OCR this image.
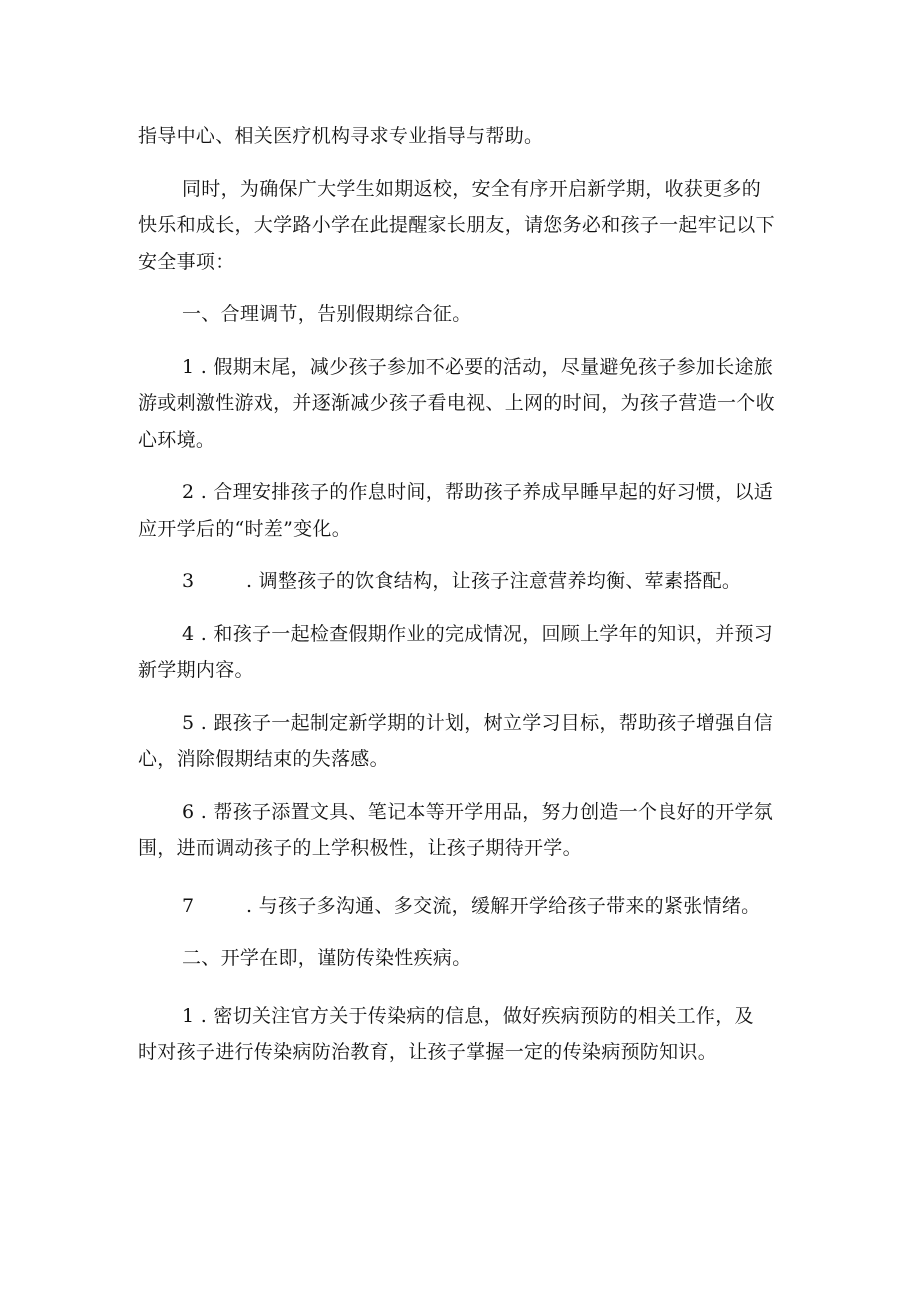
指导中心、相关医疗机构寻求专业指导与帮助。

同时，为确保广大学生如期返校，安全有序开启新学期，收获更多的
快乐和成长，大学路小学在此提醒家长朋友，请您务必和孩子一起牢记以下
安全事项：

一、合理调节，告别假期综合征。

1 . 假期末尾，减少孩子参加不必要的活动，尽量避免孩子参加长途旅
游或刺激性游戏，并逐渐减少孩子看电视、上网的时间，为孩子营造一个收
心环境。

2 . 合理安排孩子的作息时间，帮助孩子养成早睡早起的好习惯，以适
应开学后的“时差”变化。

3	. 调整孩子的饮食结构，让孩子注意营养均衡、荤素搭配。

4 . 和孩子一起检查假期作业的完成情况，回顾上学年的知识，并预习
新学期内容。

5 . 跟孩子一起制定新学期的计划，树立学习目标，帮助孩子增强自信
心，消除假期结束的失落感。

6 . 帮孩子添置文具、笔记本等开学用品，努力创造一个良好的开学氛
围，进而调动孩子的上学积极性，让孩子期待开学。

7	. 与孩子多沟通、多交流，缓解开学给孩子带来的紧张情绪。

二、开学在即，谨防传染性疾病。

1 . 密切关注官方关于传染病的信息，做好疾病预防的相关工作，及
时对孩子进行传染病防治教育，让孩子掌握一定的传染病预防知识。
